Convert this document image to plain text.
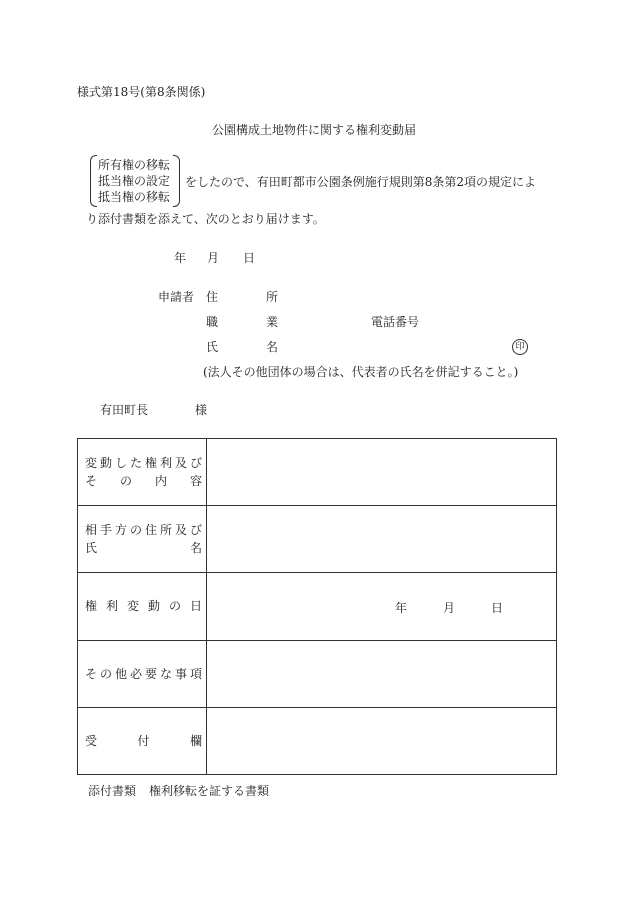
様式第18号(第8条関係)
公園構成土地物件に関する権利変動届
所有権の移転
抵当権の設定
抵当権の移転
をしたので、有田町都市公園条例施行規則第8条第2項の規定によ
り添付書類を添えて、次のとおり届けます。
年 月 日
申請者 住	所
職	業	電話番号
氏	名	印
(法人その他団体の場合は、代表者の氏名を併記すること。)
有田町長	様
変動した権利及び
その内容	

相手方の住所及び
氏名	

権利変動の日	年 月 日

その他必要な事項	

受付欄	

添付書類 権利移転を証する書類
